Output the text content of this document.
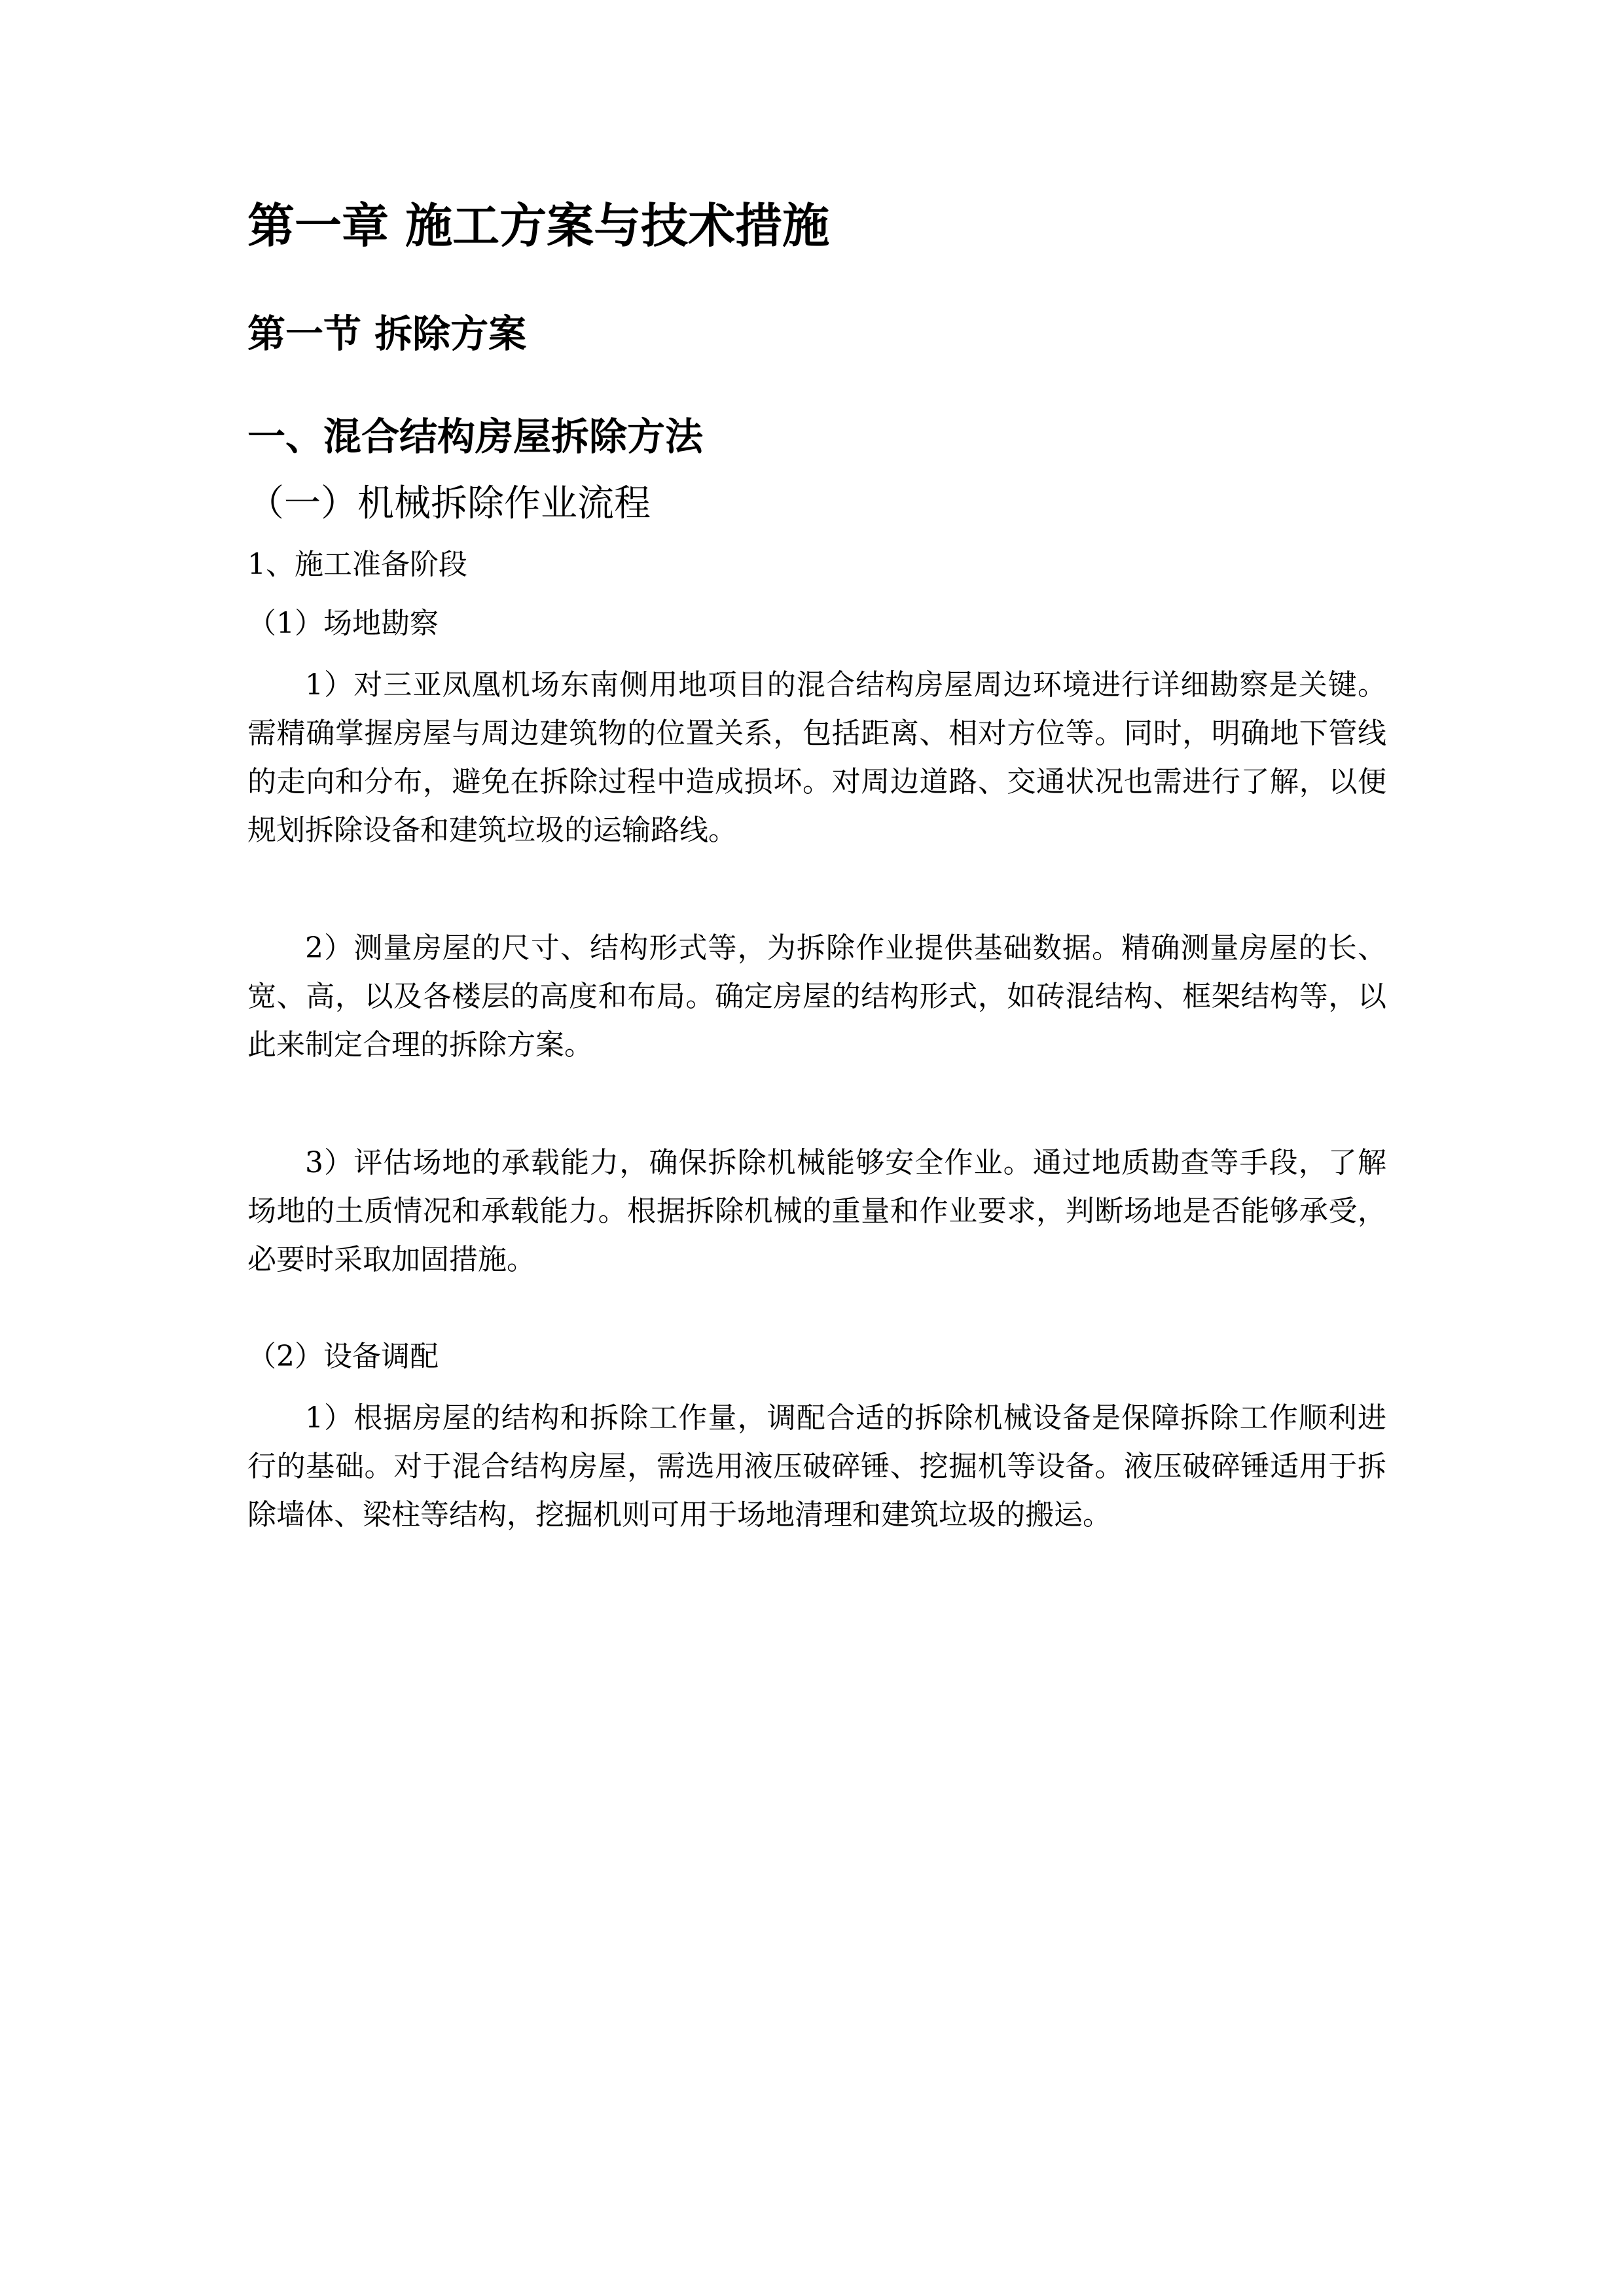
第一章 施工方案与技术措施
第一节 拆除方案
一、混合结构房屋拆除方法
（一）机械拆除作业流程

1、施工准备阶段

（1）场地勘察

1）对三亚凤凰机场东南侧用地项目的混合结构房屋周边环境进行详细勘察是关键。需精确掌握房屋与周边建筑物的位置关系，包括距离、相对方位等。同时，明确地下管线的走向和分布，避免在拆除过程中造成损坏。对周边道路、交通状况也需进行了解，以便规划拆除设备和建筑垃圾的运输路线。

2）测量房屋的尺寸、结构形式等，为拆除作业提供基础数据。精确测量房屋的长、宽、高，以及各楼层的高度和布局。确定房屋的结构形式，如砖混结构、框架结构等，以此来制定合理的拆除方案。

3）评估场地的承载能力，确保拆除机械能够安全作业。通过地质勘查等手段，了解场地的土质情况和承载能力。根据拆除机械的重量和作业要求，判断场地是否能够承受，必要时采取加固措施。

（2）设备调配

1）根据房屋的结构和拆除工作量，调配合适的拆除机械设备是保障拆除工作顺利进行的基础。对于混合结构房屋，需选用液压破碎锤、挖掘机等设备。液压破碎锤适用于拆除墙体、梁柱等结构，挖掘机则可用于场地清理和建筑垃圾的搬运。
